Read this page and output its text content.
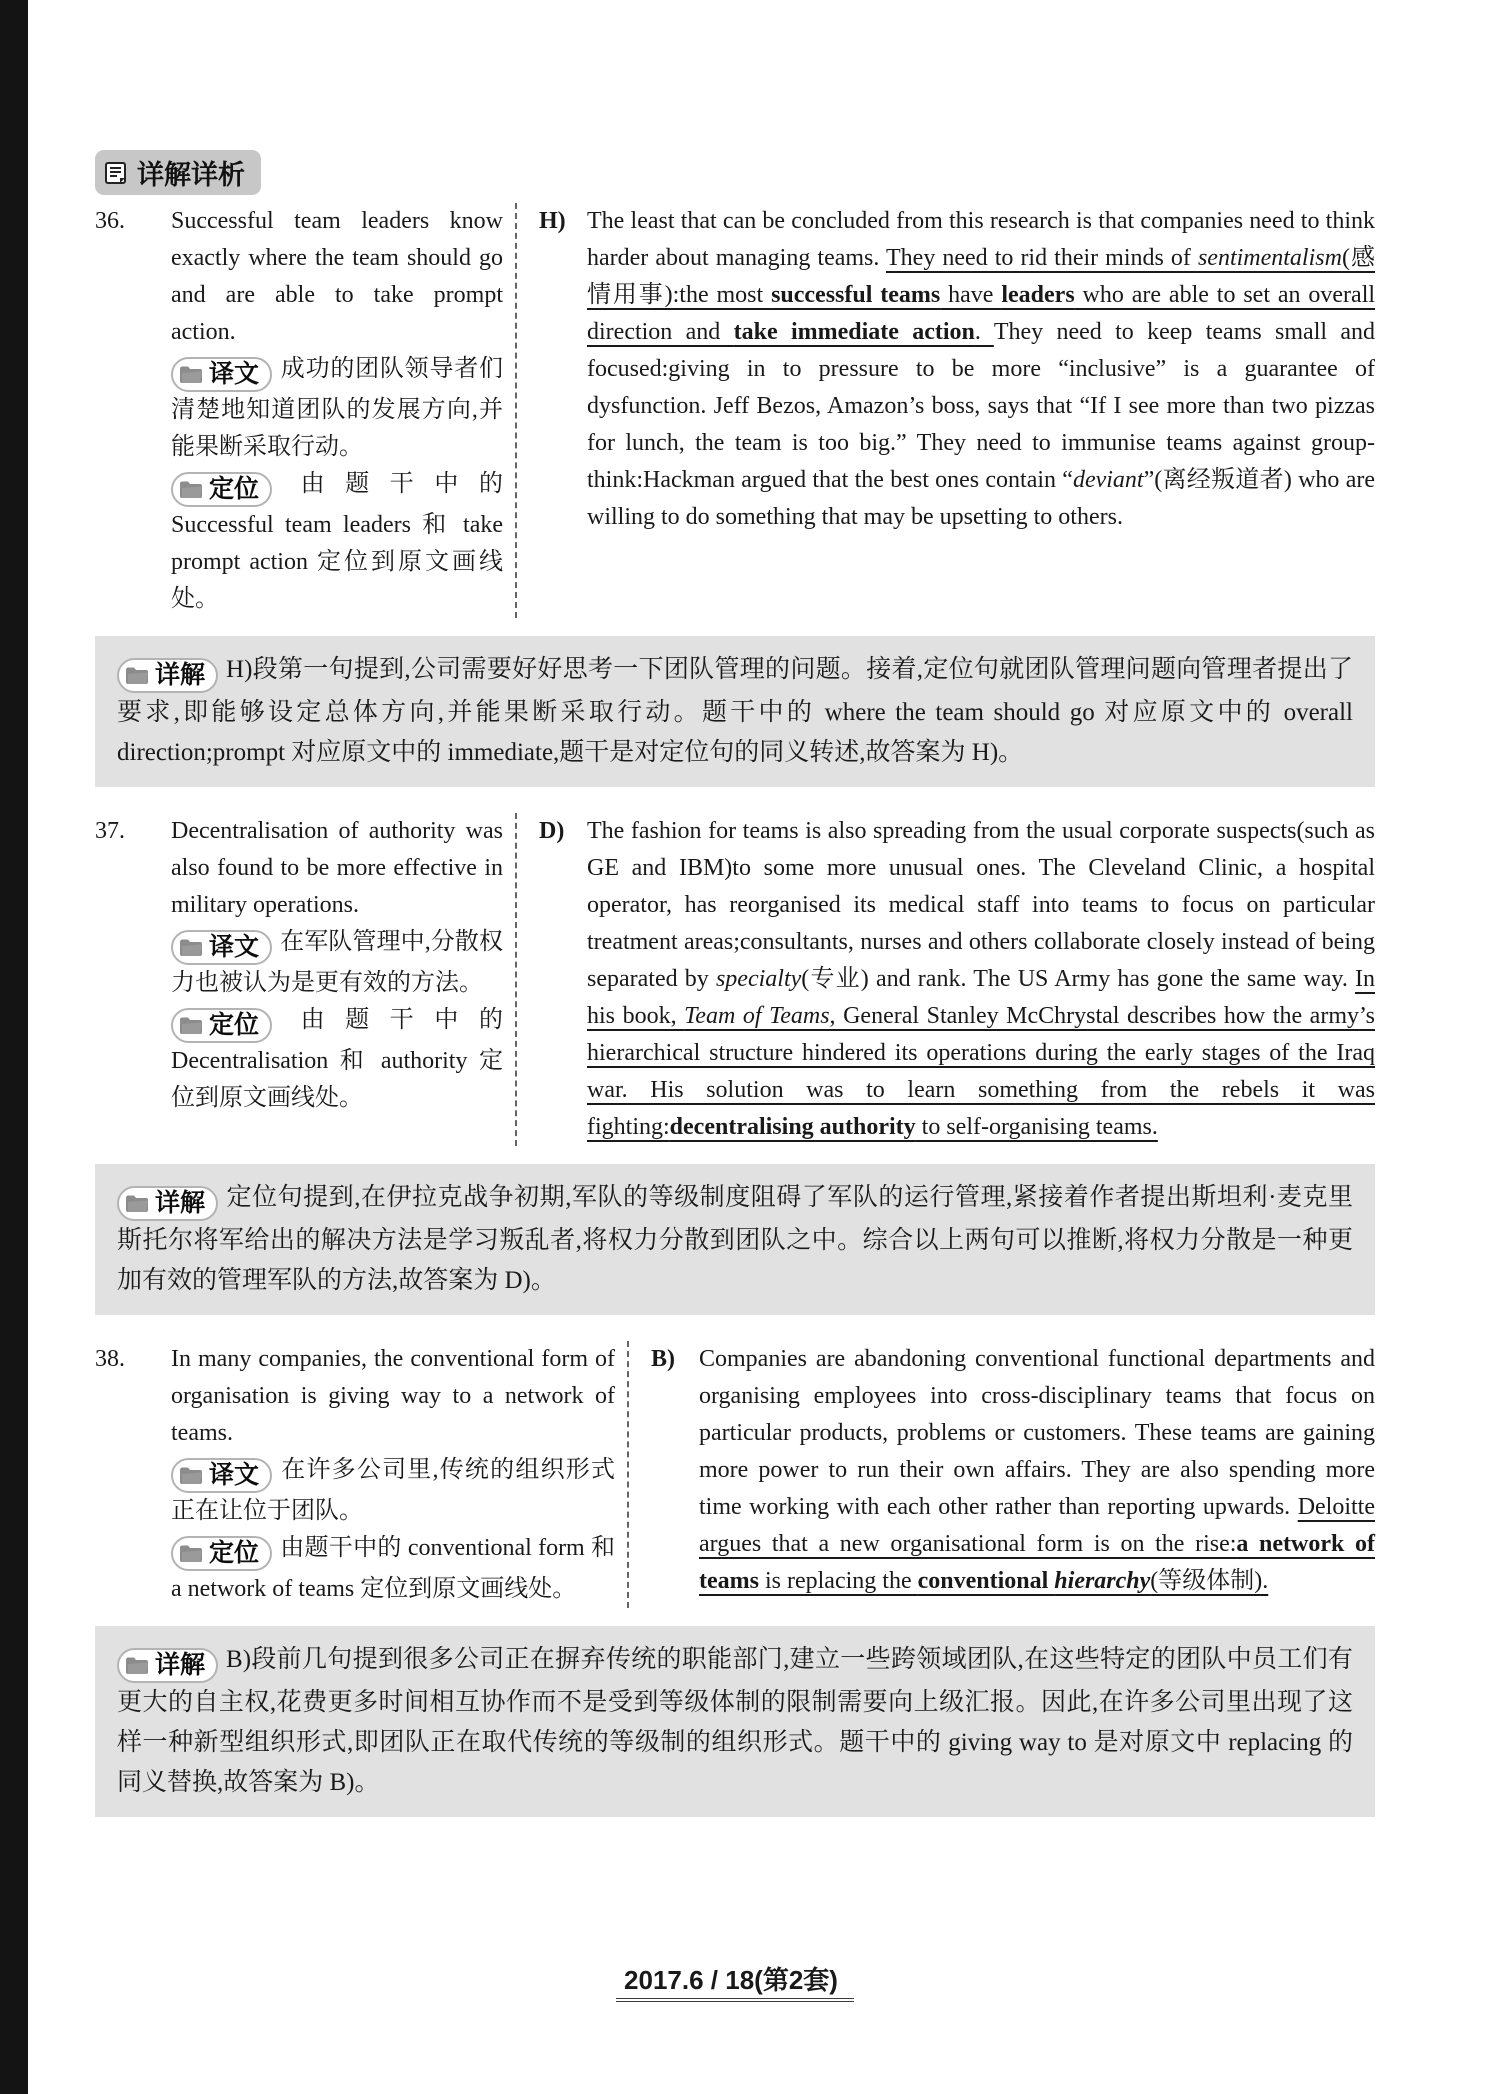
详解详析
36.	Successful team leaders know exactly where the team should go and are able to take prompt action.

译文 成功的团队领导者们清楚地知道团队的发展方向,并能果断采取行动。

定位 由题干中的 Successful team leaders 和 take prompt action 定位到原文画线处。

H) The least that can be concluded from this research is that companies need to think harder about managing teams. They need to rid their minds of sentimentalism(感情用事):the most successful teams have leaders who are able to set an overall direction and take immediate action. They need to keep teams small and focused:giving in to pressure to be more “inclusive” is a guarantee of dysfunction. Jeff Bezos, Amazon’s boss, says that “If I see more than two pizzas for lunch, the team is too big.” They need to immunise teams against group-think:Hackman argued that the best ones contain “deviant”(离经叛道者) who are willing to do something that may be upsetting to others.

详解 H)段第一句提到,公司需要好好思考一下团队管理的问题。接着,定位句就团队管理问题向管理者提出了要求,即能够设定总体方向,并能果断采取行动。题干中的 where the team should go 对应原文中的 overall direction;prompt 对应原文中的 immediate,题干是对定位句的同义转述,故答案为 H)。

37.	Decentralisation of authority was also found to be more effective in military operations.

译文 在军队管理中,分散权力也被认为是更有效的方法。

定位 由题干中的 Decentralisation 和 authority 定位到原文画线处。

D) The fashion for teams is also spreading from the usual corporate suspects(such as GE and IBM)to some more unusual ones. The Cleveland Clinic, a hospital operator, has reorganised its medical staff into teams to focus on particular treatment areas;consultants, nurses and others collaborate closely instead of being separated by specialty(专业) and rank. The US Army has gone the same way. In his book, Team of Teams, General Stanley McChrystal describes how the army’s hierarchical structure hindered its operations during the early stages of the Iraq war. His solution was to learn something from the rebels it was fighting:decentralising authority to self-organising teams.

详解 定位句提到,在伊拉克战争初期,军队的等级制度阻碍了军队的运行管理,紧接着作者提出斯坦利·麦克里斯托尔将军给出的解决方法是学习叛乱者,将权力分散到团队之中。综合以上两句可以推断,将权力分散是一种更加有效的管理军队的方法,故答案为 D)。

38.	In many companies, the conventional form of organisation is giving way to a network of teams.

译文 在许多公司里,传统的组织形式正在让位于团队。

定位 由题干中的 conventional form 和 a network of teams 定位到原文画线处。

B)	Companies are abandoning conventional functional departments and organising employees into cross-disciplinary teams that focus on particular products, problems or customers. These teams are gaining more power to run their own affairs. They are also spending more time working with each other rather than reporting upwards. Deloitte argues that a new organisational form is on the rise:a network of teams is replacing the conventional hierarchy(等级体制).

详解 B)段前几句提到很多公司正在摒弃传统的职能部门,建立一些跨领域团队,在这些特定的团队中员工们有更大的自主权,花费更多时间相互协作而不是受到等级体制的限制需要向上级汇报。因此,在许多公司里出现了这样一种新型组织形式,即团队正在取代传统的等级制的组织形式。题干中的 giving way to 是对原文中 replacing 的同义替换,故答案为 B)。

2017.6 / 18(第2套)
